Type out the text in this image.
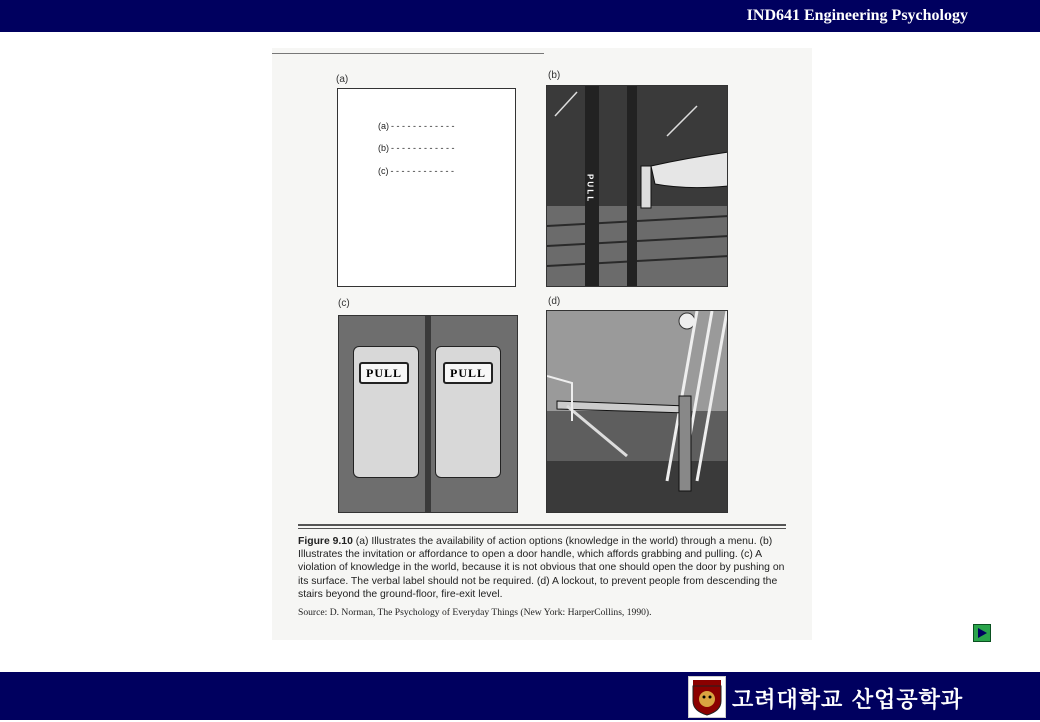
IND641 Engineering Psychology
(a)	(b)
(c)	(d)
(a) - - -
(b) - - -
(c) - - -
P U L L
PULL	PULL
Figure 9.10 (a) Illustrates the availability of action options (knowledge in the world) through a menu. (b) Illustrates the invitation or affordance to open a door handle, which affords grabbing and pulling. (c) A violation of knowledge in the world, because it is not obvious that one should open the door by pushing on its surface. The verbal label should not be required. (d) A lockout, to prevent people from descending the stairs beyond the ground-floor, fire-exit level.
Source: D. Norman, The Psychology of Everyday Things (New York: HarperCollins, 1990).
고려대학교 산업공학과
